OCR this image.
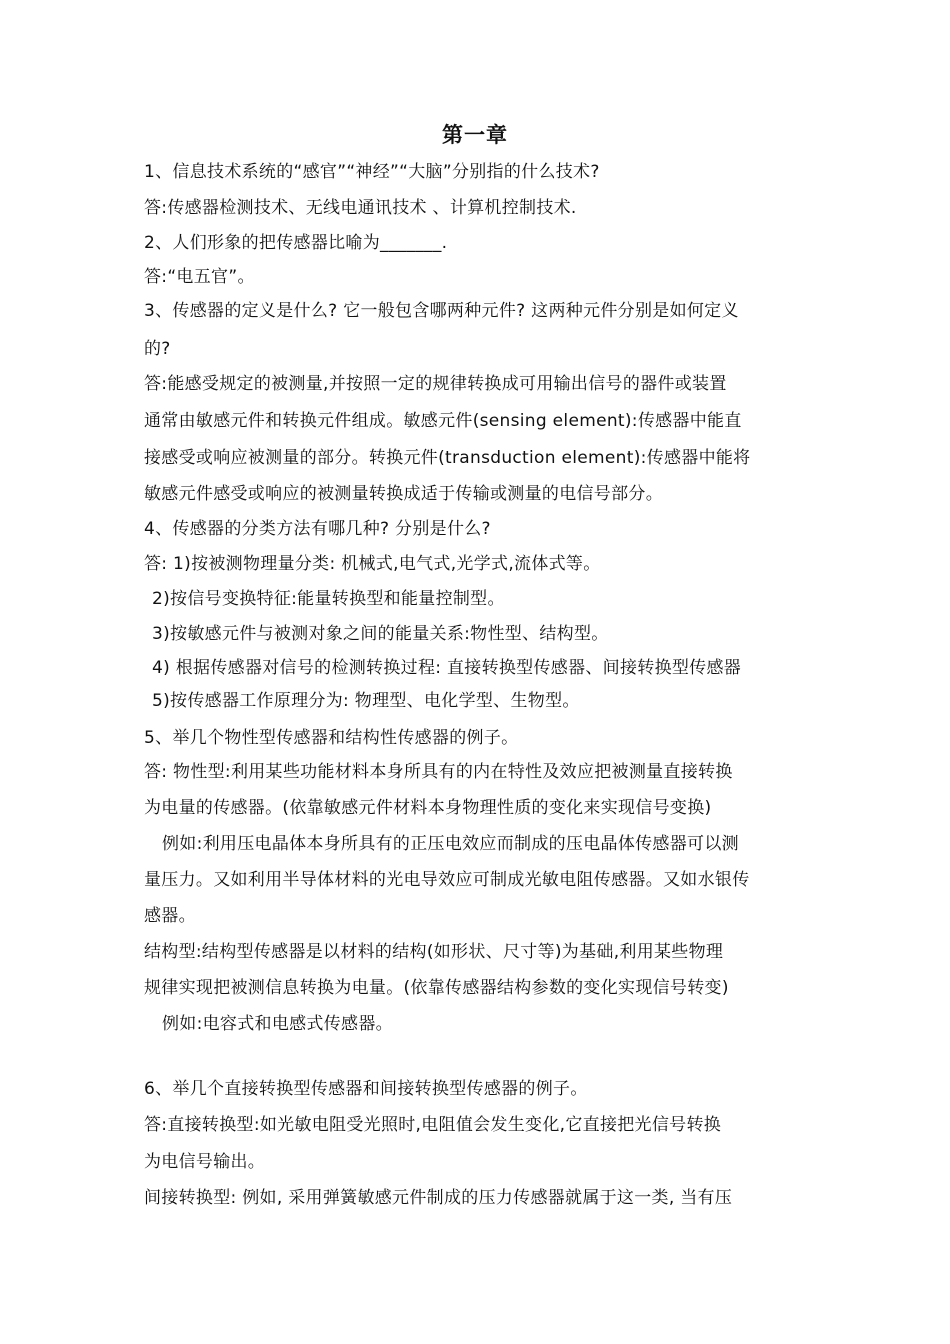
第一章
1、信息技术系统的“感官”“神经”“大脑”分别指的什么技术?
答:传感器检测技术、无线电通讯技术 、计算机控制技术.
2、人们形象的把传感器比喻为_______.
答:“电五官”。
3、传感器的定义是什么? 它一般包含哪两种元件? 这两种元件分别是如何定义
的?
答:能感受规定的被测量,并按照一定的规律转换成可用输出信号的器件或装置
通常由敏感元件和转换元件组成。敏感元件(sensing element):传感器中能直
接感受或响应被测量的部分。转换元件(transduction element):传感器中能将
敏感元件感受或响应的被测量转换成适于传输或测量的电信号部分。
4、传感器的分类方法有哪几种? 分别是什么?
答: 1)按被测物理量分类: 机械式,电气式,光学式,流体式等。
2)按信号变换特征:能量转换型和能量控制型。
3)按敏感元件与被测对象之间的能量关系:物性型、结构型。
4) 根据传感器对信号的检测转换过程: 直接转换型传感器、间接转换型传感器
5)按传感器工作原理分为: 物理型、电化学型、生物型。
5、举几个物性型传感器和结构性传感器的例子。
答: 物性型:利用某些功能材料本身所具有的内在特性及效应把被测量直接转换
为电量的传感器。(依靠敏感元件材料本身物理性质的变化来实现信号变换)
例如:利用压电晶体本身所具有的正压电效应而制成的压电晶体传感器可以测
量压力。又如利用半导体材料的光电导效应可制成光敏电阻传感器。又如水银传
感器。
结构型:结构型传感器是以材料的结构(如形状、尺寸等)为基础,利用某些物理
规律实现把被测信息转换为电量。(依靠传感器结构参数的变化实现信号转变)
例如:电容式和电感式传感器。
6、举几个直接转换型传感器和间接转换型传感器的例子。
答:直接转换型:如光敏电阻受光照时,电阻值会发生变化,它直接把光信号转换
为电信号输出。
间接转换型: 例如, 采用弹簧敏感元件制成的压力传感器就属于这一类, 当有压
